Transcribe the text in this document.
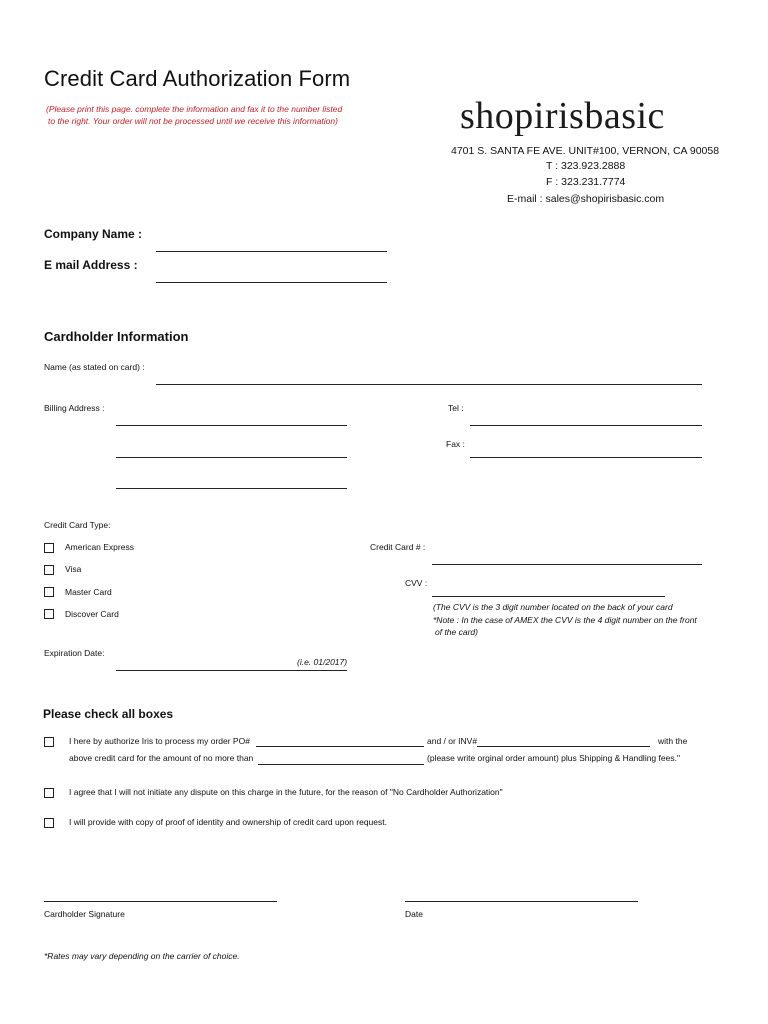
Credit Card Authorization Form
(Please print this page. complete the information and fax it to the number listed
to the right. Your order will not be processed until we receive this information)	shopirisbasic
4701 S. SANTA FE AVE. UNIT#100, VERNON, CA 90058
T : 323.923.2888
F : 323.231.7774
E-mail : sales@shopirisbasic.com
Company Name :
E mail Address :
Cardholder Information
Name (as stated on card) :
Billing Address :	Tel :
Fax :
Credit Card Type:
American Express
Visa
Master Card
Discover Card
Credit Card # :
CVV :
(The CVV is the 3 digit number located on the back of your card
*Note : In the case of AMEX the CVV is the 4 digit number on the front
of the card)
Expiration Date:
(i.e. 01/2017)
Please check all boxes
I here by authorize Iris to process my order PO#	and / or INV#	with the
above credit card for the amount of no more than	(please write orginal order amount) plus Shipping & Handling fees."
I agree that I will not initiate any dispute on this charge in the future, for the reason of "No Cardholder Authorization"
I will provide with copy of proof of identity and ownership of credit card upon request.
Cardholder Signature	Date
*Rates may vary depending on the carrier of choice.
